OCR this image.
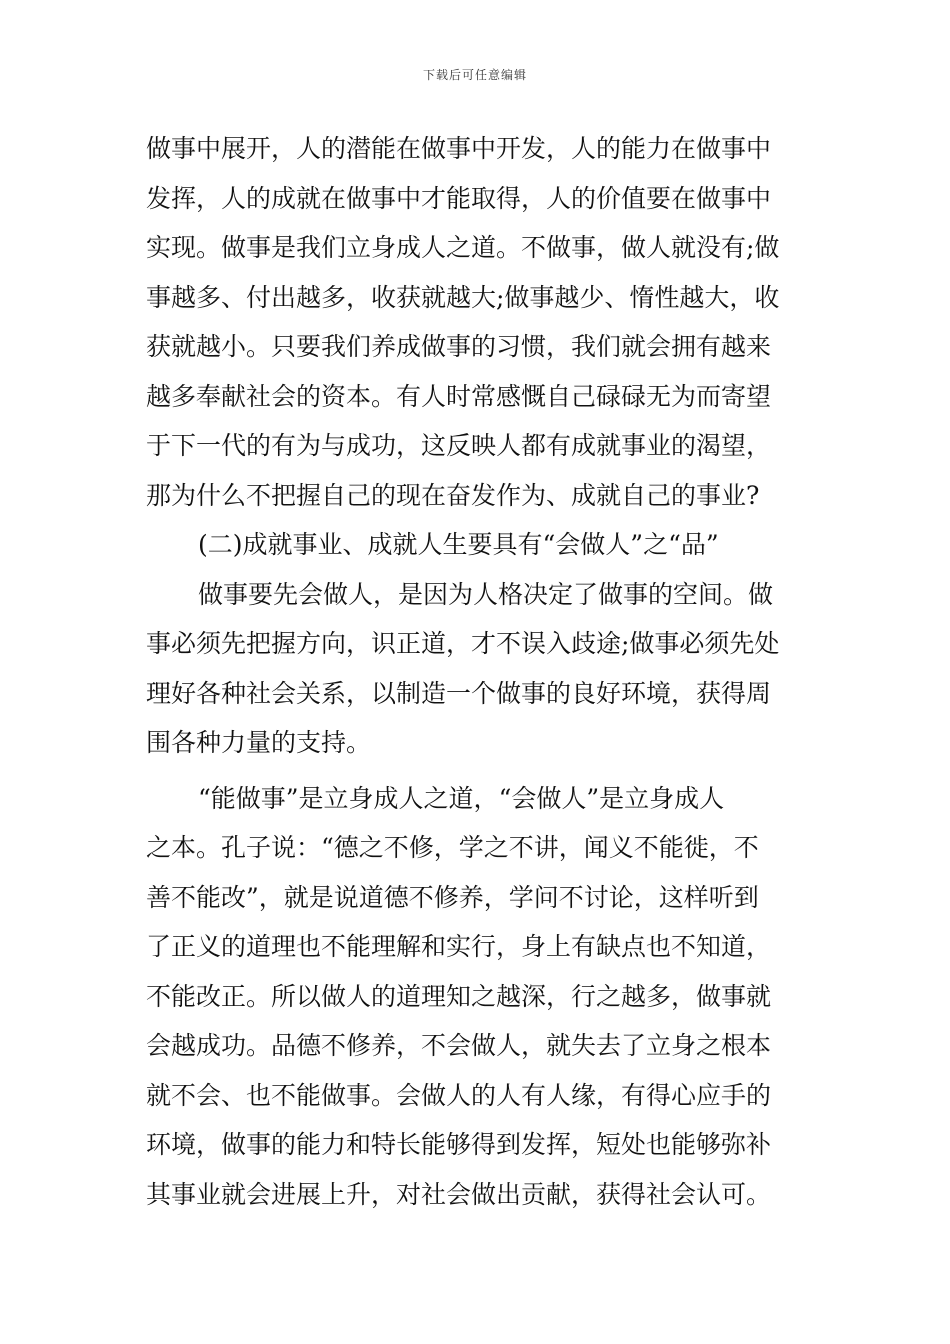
下载后可任意编辑
做事中展开，人的潜能在做事中开发，人的能力在做事中
发挥，人的成就在做事中才能取得，人的价值要在做事中
实现。做事是我们立身成人之道。不做事，做人就没有;做
事越多、付出越多，收获就越大;做事越少、惰性越大，收
获就越小。只要我们养成做事的习惯，我们就会拥有越来
越多奉献社会的资本。有人时常感慨自己碌碌无为而寄望
于下一代的有为与成功，这反映人都有成就事业的渴望，
那为什么不把握自己的现在奋发作为、成就自己的事业?
(二)成就事业、成就人生要具有“会做人”之“品”
做事要先会做人，是因为人格决定了做事的空间。做
事必须先把握方向，识正道，才不误入歧途;做事必须先处
理好各种社会关系，以制造一个做事的良好环境，获得周
围各种力量的支持。
“能做事”是立身成人之道，“会做人”是立身成人
之本。孔子说：“德之不修，学之不讲，闻义不能徙，不
善不能改”，就是说道德不修养，学问不讨论，这样听到
了正义的道理也不能理解和实行，身上有缺点也不知道，
不能改正。所以做人的道理知之越深，行之越多，做事就
会越成功。品德不修养，不会做人，就失去了立身之根本
就不会、也不能做事。会做人的人有人缘，有得心应手的
环境，做事的能力和特长能够得到发挥，短处也能够弥补
其事业就会进展上升，对社会做出贡献，获得社会认可。
